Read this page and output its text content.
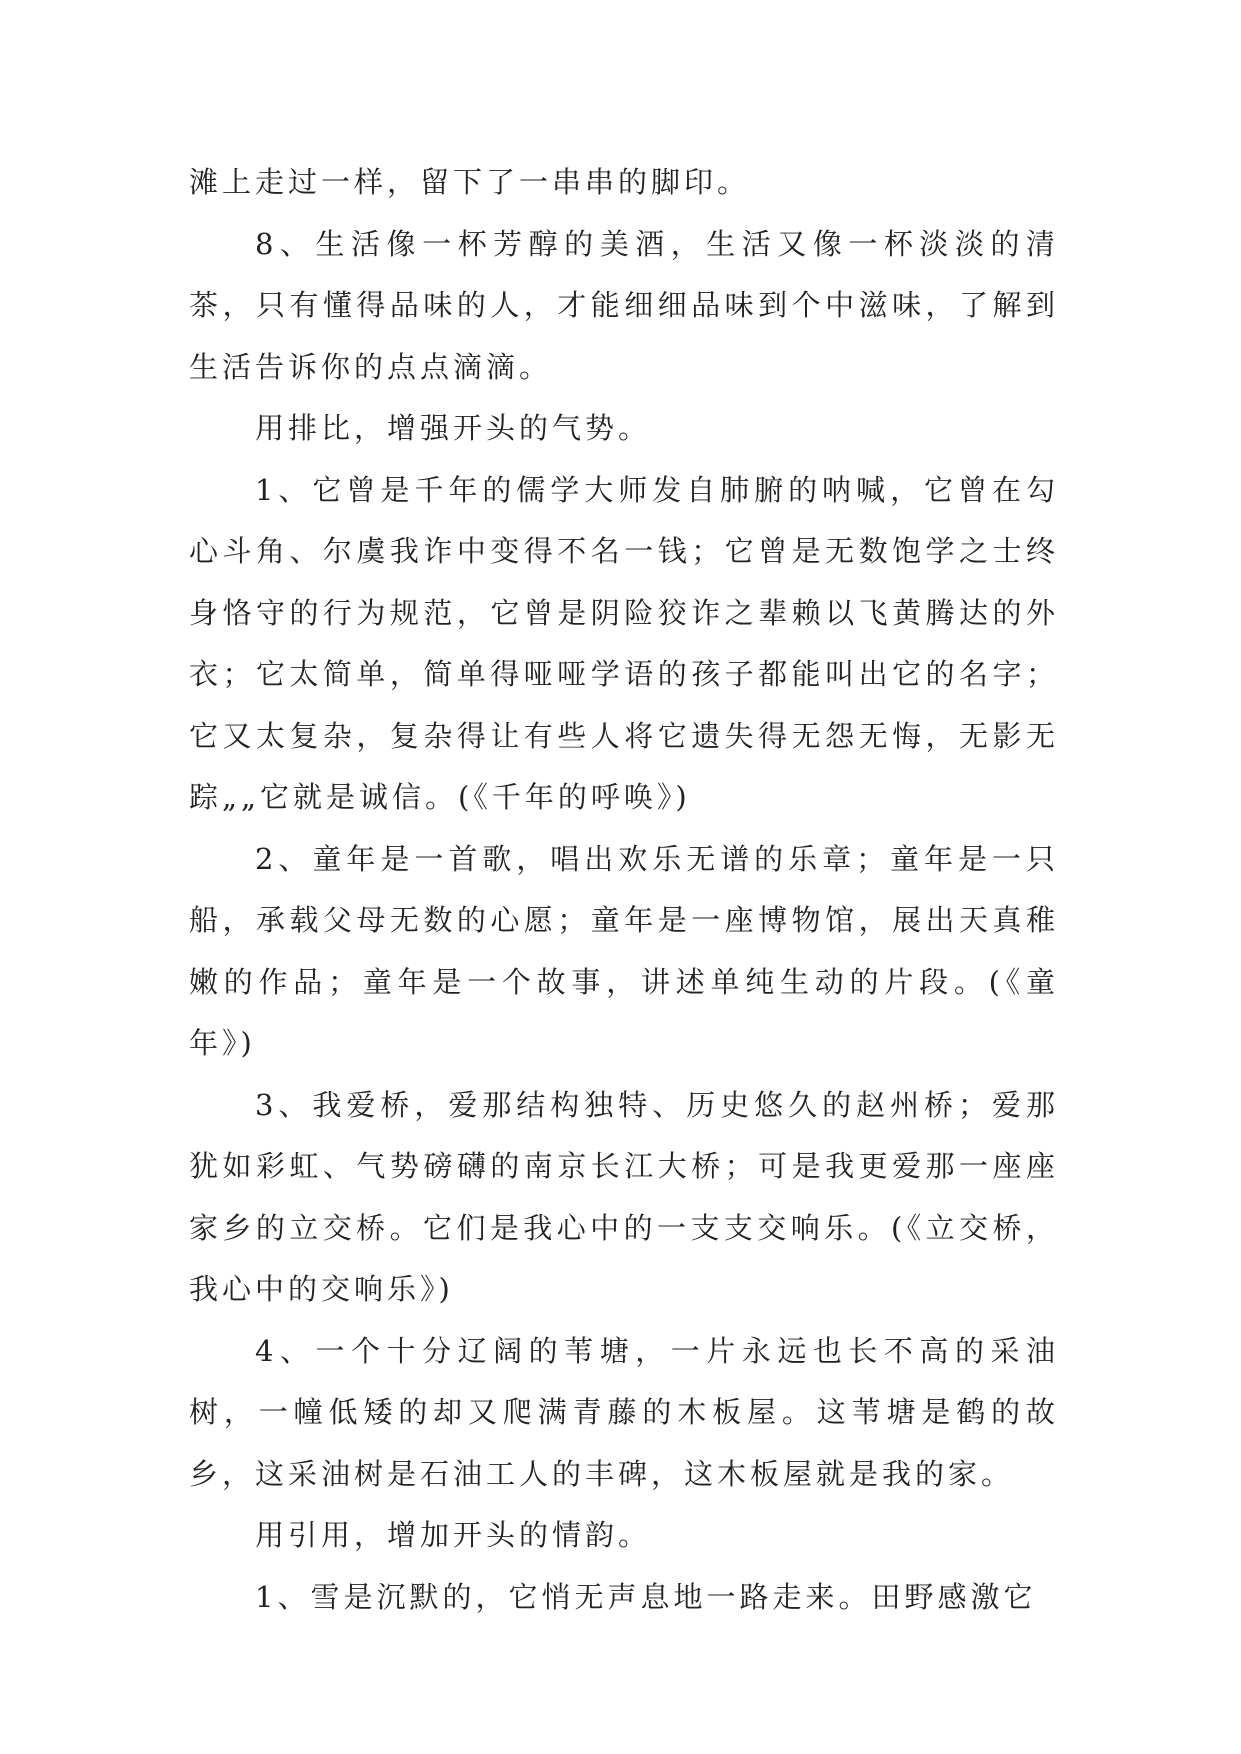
滩上走过一样，留下了一串串的脚印。

8、生活像一杯芳醇的美酒，生活又像一杯淡淡的清茶，只有懂得品味的人，才能细细品味到个中滋味，了解到生活告诉你的点点滴滴。

用排比，增强开头的气势。

1、它曾是千年的儒学大师发自肺腑的呐喊，它曾在勾心斗角、尔虞我诈中变得不名一钱；它曾是无数饱学之士终身恪守的行为规范，它曾是阴险狡诈之辈赖以飞黄腾达的外衣；它太简单，简单得哑哑学语的孩子都能叫出它的名字；它又太复杂，复杂得让有些人将它遗失得无怨无悔，无影无踪„„它就是诚信。(《千年的呼唤》)

2、童年是一首歌，唱出欢乐无谱的乐章；童年是一只船，承载父母无数的心愿；童年是一座博物馆，展出天真稚嫩的作品；童年是一个故事，讲述单纯生动的片段。(《童年》)

3、我爱桥，爱那结构独特、历史悠久的赵州桥；爱那犹如彩虹、气势磅礴的南京长江大桥；可是我更爱那一座座家乡的立交桥。它们是我心中的一支支交响乐。(《立交桥，我心中的交响乐》)

4、一个十分辽阔的苇塘，一片永远也长不高的采油树，一幢低矮的却又爬满青藤的木板屋。这苇塘是鹤的故乡，这采油树是石油工人的丰碑，这木板屋就是我的家。

用引用，增加开头的情韵。

1、雪是沉默的，它悄无声息地一路走来。田野感激它
